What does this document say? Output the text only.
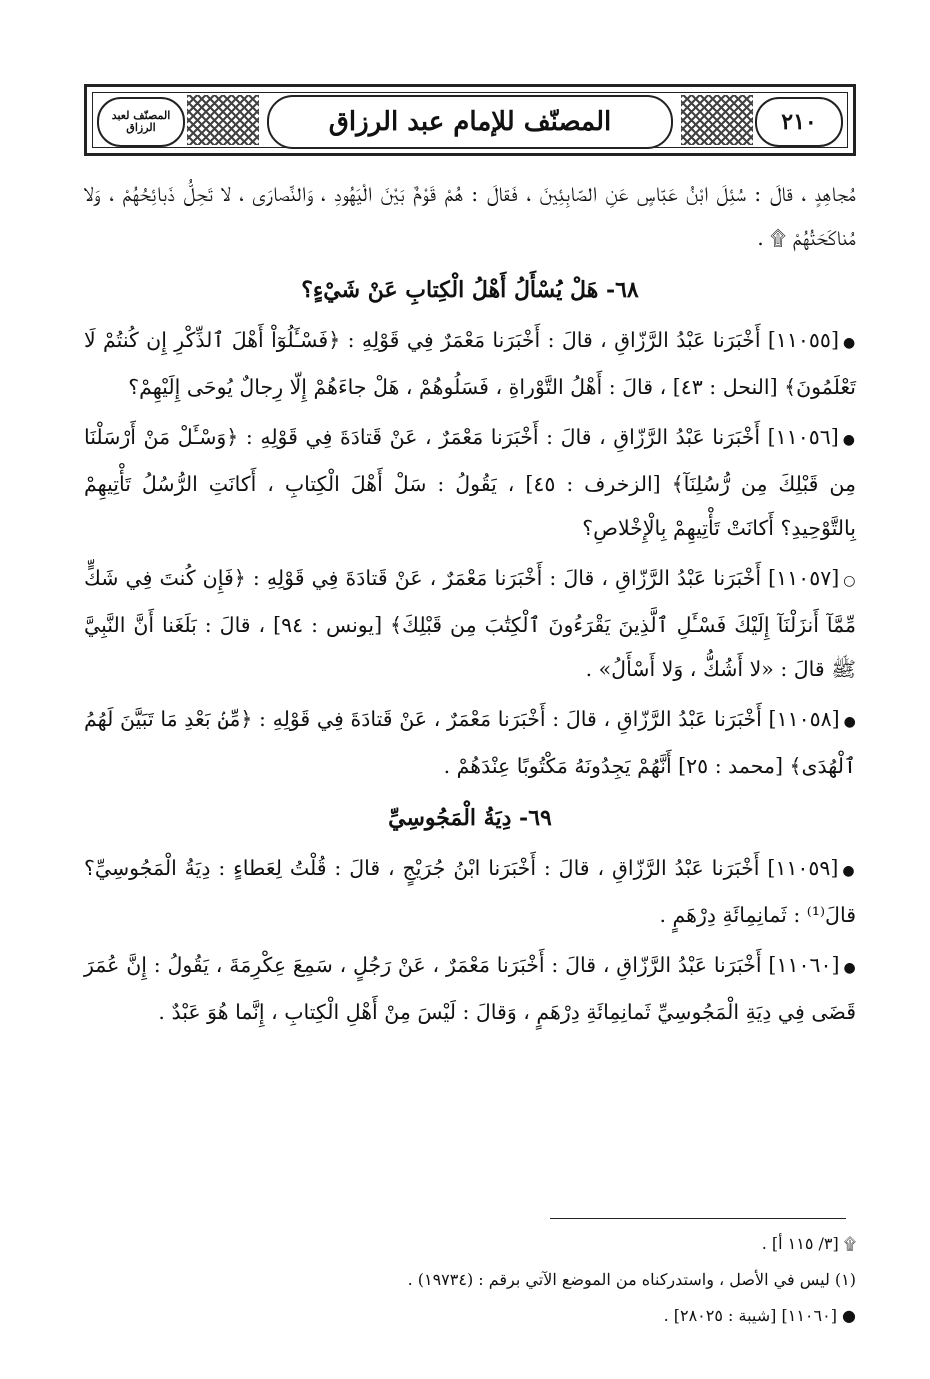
المصنّف لعبد الرزاق	المصنّف للإمام عبد الرزاق	٢١٠

مُجاهِدٍ ، قالَ : سُئِلَ ابْنُ عَبّاسٍ عَنِ الصّابِئِينَ ، فَقالَ : هُمْ قَوْمٌ بَيْنَ الْيَهُودِ ، وَالنَّصارَى ، لا تَحِلُّ ذَبائِحُهُمْ ، وَلا مُناكَحَتُهُمْ ۩ .

٦٨- هَلْ يُسْأَلُ أَهْلُ الْكِتابِ عَنْ شَيْءٍ؟

●[١١٠٥٥] أَخْبَرَنا عَبْدُ الرَّزّاقِ ، قالَ : أَخْبَرَنا مَعْمَرٌ فِي قَوْلِهِ : ﴿فَسْـَٔلُوٓاْ أَهْلَ ٱلذِّكْرِ إِن كُنتُمْ لَا تَعْلَمُونَ﴾ [النحل : ٤٣] ، قالَ : أَهْلُ التَّوْراةِ ، فَسَلُوهُمْ ، هَلْ جاءَهُمْ إِلّا رِجالٌ يُوحَى إِلَيْهِمْ؟

●[١١٠٥٦] أَخْبَرَنا عَبْدُ الرَّزّاقِ ، قالَ : أَخْبَرَنا مَعْمَرٌ ، عَنْ قَتادَةَ فِي قَوْلِهِ : ﴿وَسْـَٔلْ مَنْ أَرْسَلْنَا مِن قَبْلِكَ مِن رُّسُلِنَآ﴾ [الزخرف : ٤٥] ، يَقُولُ : سَلْ أَهْلَ الْكِتابِ ، أَكانَتِ الرُّسُلُ تَأْتِيهِمْ بِالتَّوْحِيدِ؟ أَكانَتْ تَأْتِيهِمْ بِالْإِخْلاصِ؟

○[١١٠٥٧] أَخْبَرَنا عَبْدُ الرَّزّاقِ ، قالَ : أَخْبَرَنا مَعْمَرٌ ، عَنْ قَتادَةَ فِي قَوْلِهِ : ﴿فَإِن كُنتَ فِي شَكٍّ مِّمَّآ أَنزَلْنَآ إِلَيْكَ فَسْـَٔلِ ٱلَّذِينَ يَقْرَءُونَ ٱلْكِتَٰبَ مِن قَبْلِكَ﴾ [يونس : ٩٤] ، قالَ : بَلَغَنا أَنَّ النَّبِيَّ ﷺ قالَ : «لا أَشُكُّ ، وَلا أَسْأَلُ» .

●[١١٠٥٨] أَخْبَرَنا عَبْدُ الرَّزّاقِ ، قالَ : أَخْبَرَنا مَعْمَرٌ ، عَنْ قَتادَةَ فِي قَوْلِهِ : ﴿مِّنۢ بَعْدِ مَا تَبَيَّنَ لَهُمُ ٱلْهُدَى﴾ [محمد : ٢٥] أَنَّهُمْ يَجِدُونَهُ مَكْتُوبًا عِنْدَهُمْ .

٦٩- دِيَةُ الْمَجُوسِيِّ

●[١١٠٥٩] أَخْبَرَنا عَبْدُ الرَّزّاقِ ، قالَ : أَخْبَرَنا ابْنُ جُرَيْجٍ ، قالَ : قُلْتُ لِعَطاءٍ : دِيَةُ الْمَجُوسِيِّ؟ قالَ⁽¹⁾ : ثَمانِمِائَةِ دِرْهَمٍ .

●[١١٠٦٠] أَخْبَرَنا عَبْدُ الرَّزّاقِ ، قالَ : أَخْبَرَنا مَعْمَرٌ ، عَنْ رَجُلٍ ، سَمِعَ عِكْرِمَةَ ، يَقُولُ : إِنَّ عُمَرَ قَضَى فِي دِيَةِ الْمَجُوسِيِّ ثَمانِمِائَةِ دِرْهَمٍ ، وَقالَ : لَيْسَ مِنْ أَهْلِ الْكِتابِ ، إِنَّما هُوَ عَبْدٌ .

۩ [٣/ ١١٥ أ] .
(١) ليس في الأصل ، واستدركناه من الموضع الآتي برقم : (١٩٧٣٤) .
● [١١٠٦٠] [شيبة : ٢٨٠٢٥] .
